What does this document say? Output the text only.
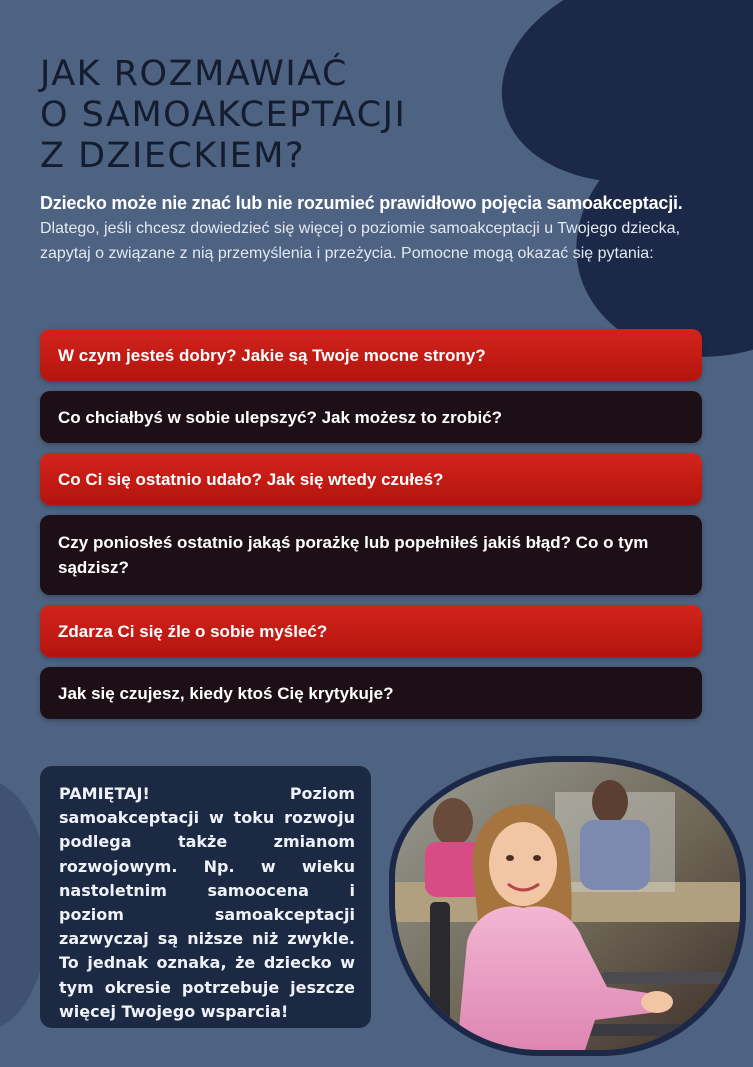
JAK ROZMAWIAĆ
O SAMOAKCEPTACJI
Z DZIECKIEM?
Dziecko może nie znać lub nie rozumieć prawidłowo pojęcia samoakceptacji. Dlatego, jeśli chcesz dowiedzieć się więcej o poziomie samoakceptacji u Twojego dziecka, zapytaj o związane z nią przemyślenia i przeżycia. Pomocne mogą okazać się pytania:
W czym jesteś dobry? Jakie są Twoje mocne strony?
Co chciałbyś w sobie ulepszyć? Jak możesz to zrobić?
Co Ci się ostatnio udało? Jak się wtedy czułeś?
Czy poniosłeś ostatnio jakąś porażkę lub popełniłeś jakiś błąd? Co o tym sądzisz?
Zdarza Ci się źle o sobie myśleć?
Jak się czujesz, kiedy ktoś Cię krytykuje?

PAMIĘTAJ! Poziom samoakceptacji w toku rozwoju podlega także zmianom rozwojowym. Np. w wieku nastoletnim samoocena i poziom samoakceptacji zazwyczaj są niższe niż zwykle. To jednak oznaka, że dziecko w tym okresie potrzebuje jeszcze więcej Twojego wsparcia!
